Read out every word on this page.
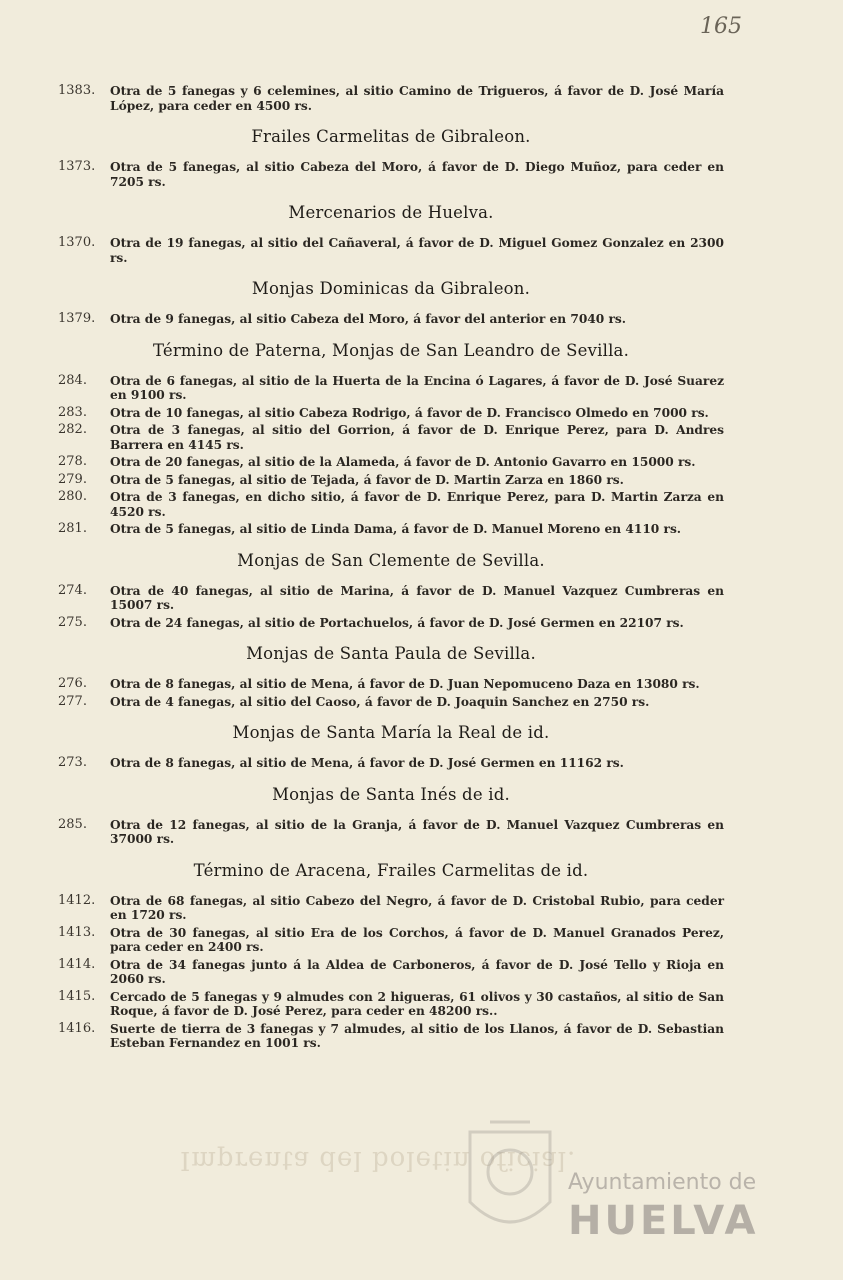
165
1383.	Otra de 5 fanegas y 6 celemines, al sitio Camino de Trigueros, á favor de D. José María López, para ceder en 4500 rs.
Frailes Carmelitas de Gibraleon.
1373.	Otra de 5 fanegas, al sitio Cabeza del Moro, á favor de D. Diego Muñoz, para ceder en 7205 rs.
Mercenarios de Huelva.
1370.	Otra de 19 fanegas, al sitio del Cañaveral, á favor de D. Miguel Gomez Gonzalez en 2300 rs.
Monjas Dominicas da Gibraleon.
1379.	Otra de 9 fanegas, al sitio Cabeza del Moro, á favor del anterior en 7040 rs.
Término de Paterna, Monjas de San Leandro de Sevilla.
284.	Otra de 6 fanegas, al sitio de la Huerta de la Encina ó Lagares, á favor de D. José Suarez en 9100 rs.
283.	Otra de 10 fanegas, al sitio Cabeza Rodrigo, á favor de D. Francisco Olmedo en 7000 rs.
282.	Otra de 3 fanegas, al sitio del Gorrion, á favor de D. Enrique Perez, para D. Andres Barrera en 4145 rs.
278.	Otra de 20 fanegas, al sitio de la Alameda, á favor de D. Antonio Gavarro en 15000 rs.
279.	Otra de 5 fanegas, al sitio de Tejada, á favor de D. Martin Zarza en 1860 rs.
280.	Otra de 3 fanegas, en dicho sitio, á favor de D. Enrique Perez, para D. Martin Zarza en 4520 rs.
281.	Otra de 5 fanegas, al sitio de Linda Dama, á favor de D. Manuel Moreno en 4110 rs.
Monjas de San Clemente de Sevilla.
274.	Otra de 40 fanegas, al sitio de Marina, á favor de D. Manuel Vazquez Cumbreras en 15007 rs.
275.	Otra de 24 fanegas, al sitio de Portachuelos, á favor de D. José Germen en 22107 rs.
Monjas de Santa Paula de Sevilla.
276.	Otra de 8 fanegas, al sitio de Mena, á favor de D. Juan Nepomuceno Daza en 13080 rs.
277.	Otra de 4 fanegas, al sitio del Caoso, á favor de D. Joaquin Sanchez en 2750 rs.
Monjas de Santa María la Real de id.
273.	Otra de 8 fanegas, al sitio de Mena, á favor de D. José Germen en 11162 rs.
Monjas de Santa Inés de id.
285.	Otra de 12 fanegas, al sitio de la Granja, á favor de D. Manuel Vazquez Cumbreras en 37000 rs.
Término de Aracena, Frailes Carmelitas de id.
1412.	Otra de 68 fanegas, al sitio Cabezo del Negro, á favor de D. Cristobal Rubio, para ceder en 1720 rs.
1413.	Otra de 30 fanegas, al sitio Era de los Corchos, á favor de D. Manuel Granados Perez, para ceder en 2400 rs.
1414.	Otra de 34 fanegas junto á la Aldea de Carboneros, á favor de D. José Tello y Rioja en 2060 rs.
1415.	Cercado de 5 fanegas y 9 almudes con 2 higueras, 61 olivos y 30 castaños, al sitio de San Roque, á favor de D. José Perez, para ceder en 48200 rs..
1416.	Suerte de tierra de 3 fanegas y 7 almudes, al sitio de los Llanos, á favor de D. Sebastian Esteban Fernandez en 1001 rs.
Imprenta del boletin oficial.
Ayuntamiento de
HUELVA
